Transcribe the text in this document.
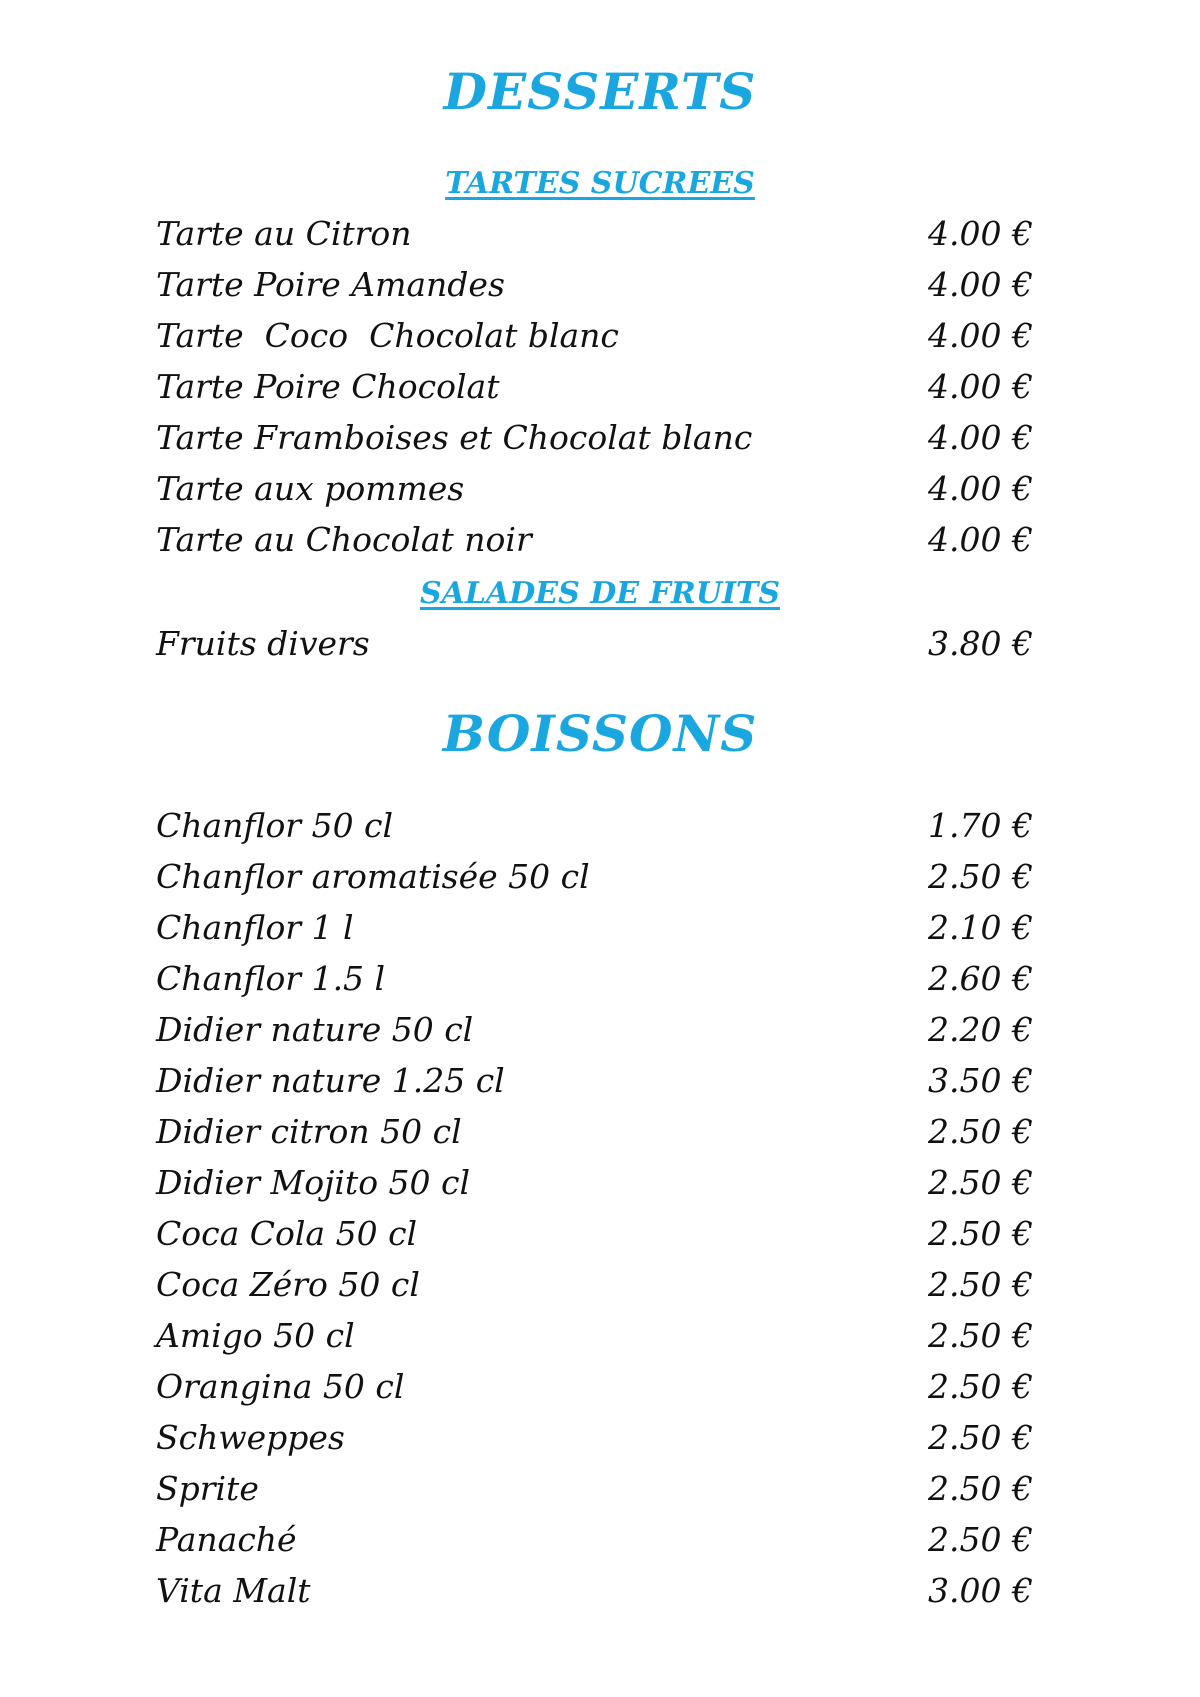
DESSERTS
TARTES SUCREES
Tarte au Citron	4.00 €
Tarte Poire Amandes	4.00 €
Tarte  Coco  Chocolat blanc	4.00 €
Tarte Poire Chocolat	4.00 €
Tarte Framboises et Chocolat blanc	4.00 €
Tarte aux pommes	4.00 €
Tarte au Chocolat noir	4.00 €
SALADES DE FRUITS
Fruits divers	3.80 €
BOISSONS
Chanflor 50 cl	1.70 €
Chanflor aromatisée 50 cl	2.50 €
Chanflor 1 l	2.10 €
Chanflor 1.5 l	2.60 €
Didier nature 50 cl	2.20 €
Didier nature 1.25 cl	3.50 €
Didier citron 50 cl	2.50 €
Didier Mojito 50 cl	2.50 €
Coca Cola 50 cl	2.50 €
Coca Zéro 50 cl	2.50 €
Amigo 50 cl	2.50 €
Orangina 50 cl	2.50 €
Schweppes	2.50 €
Sprite	2.50 €
Panaché	2.50 €
Vita Malt	3.00 €
